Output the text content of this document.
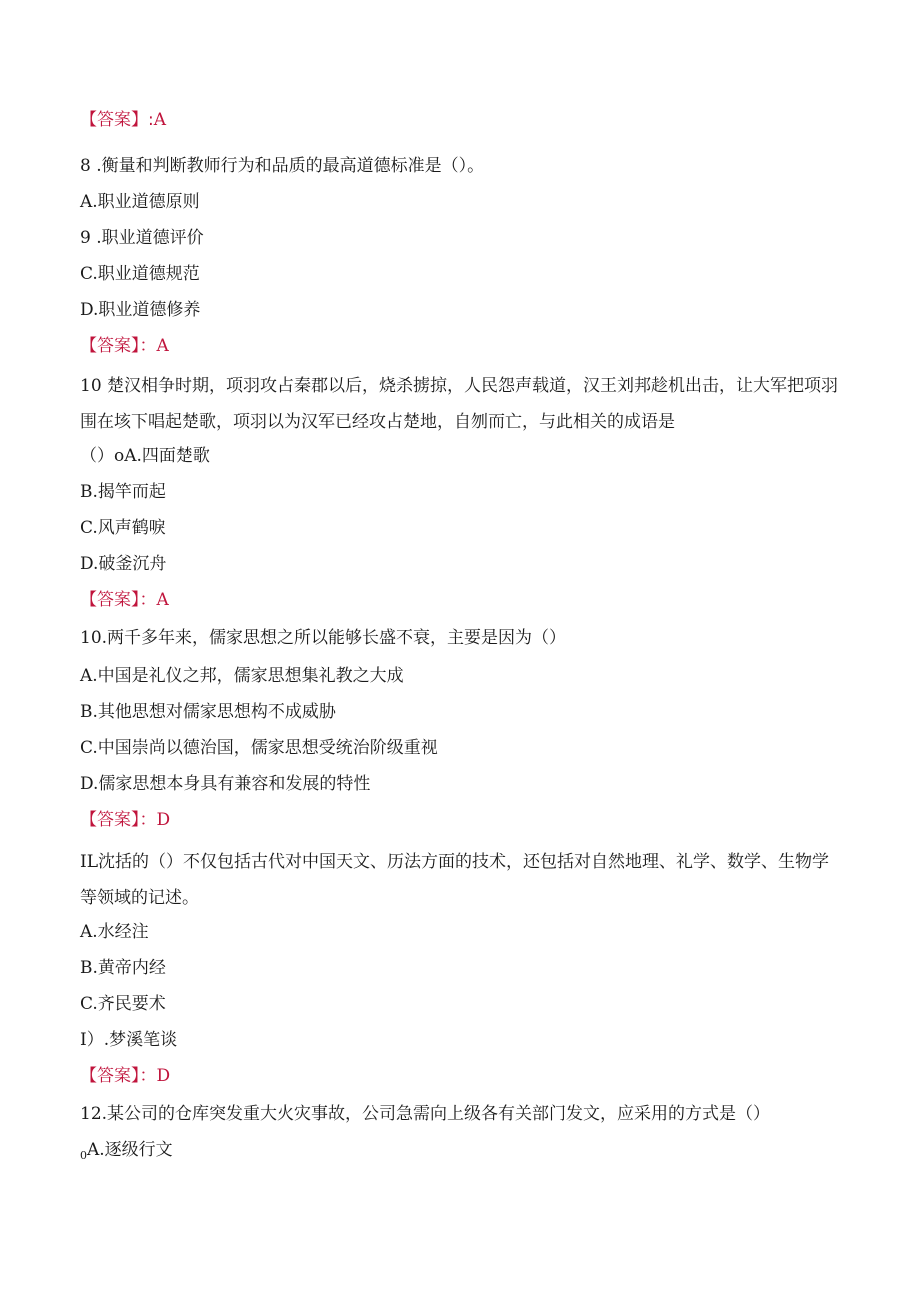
【答案】:A
8 .衡量和判断教师行为和品质的最高道德标准是（）。
A.职业道德原则
9 .职业道德评价
C.职业道德规范
D.职业道德修养
【答案】：A
10 楚汉相争时期，项羽攻占秦郡以后，烧杀掳掠，人民怨声载道，汉王刘邦趁机出击，让大军把项羽围在垓下唱起楚歌，项羽以为汉军已经攻占楚地，自刎而亡，与此相关的成语是
（）oA.四面楚歌
B.揭竿而起
C.风声鹤唳
D.破釜沉舟
【答案】：A
10.两千多年来，儒家思想之所以能够长盛不衰，主要是因为（）
A.中国是礼仪之邦，儒家思想集礼教之大成
B.其他思想对儒家思想构不成威胁
C.中国崇尚以德治国，儒家思想受统治阶级重视
D.儒家思想本身具有兼容和发展的特性
【答案】：D
IL沈括的（）不仅包括古代对中国天文、历法方面的技术，还包括对自然地理、礼学、数学、生物学等领域的记述。
A.水经注
B.黄帝内经
C.齐民要术
I）.梦溪笔谈
【答案】：D
12.某公司的仓库突发重大火灾事故，公司急需向上级各有关部门发文，应采用的方式是（）
$_0$A.逐级行文
